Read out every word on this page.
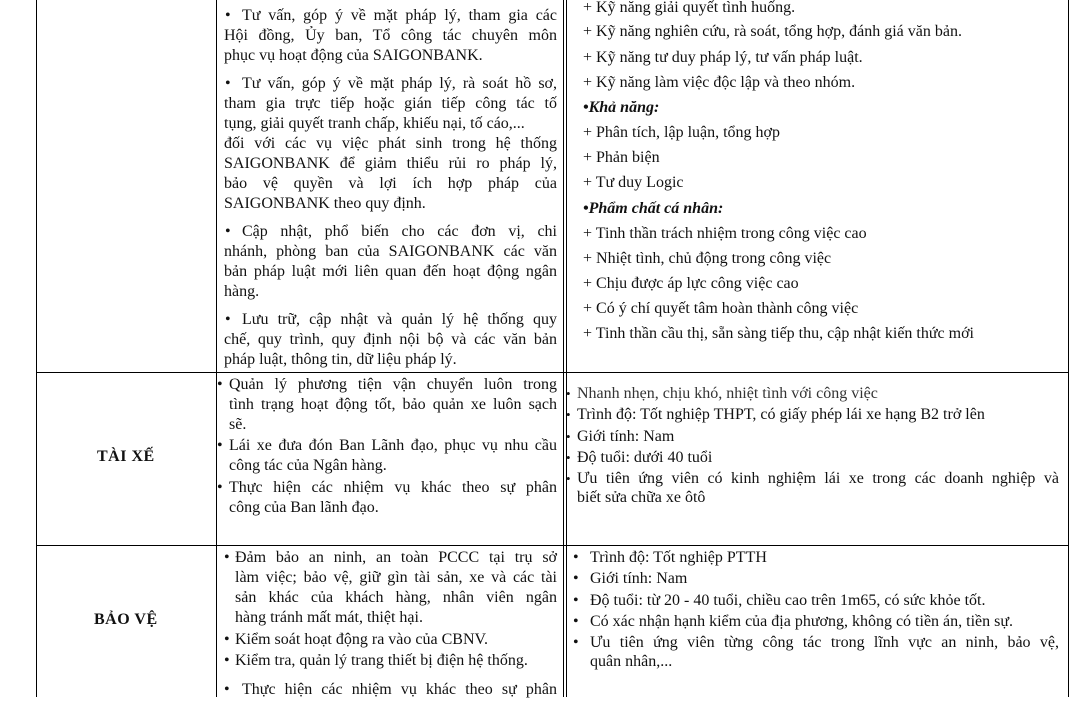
• Tư vấn, góp ý về mặt pháp lý, tham gia các
Hội đồng, Ủy ban, Tổ công tác chuyên môn
phục vụ hoạt động của SAIGONBANK.
• Tư vấn, góp ý về mặt pháp lý, rà soát hồ sơ,
tham gia trực tiếp hoặc gián tiếp công tác tố
tụng, giải quyết tranh chấp, khiếu nại, tố cáo,...
đối với các vụ việc phát sinh trong hệ thống
SAIGONBANK để giảm thiểu rủi ro pháp lý,
bảo vệ quyền và lợi ích hợp pháp của
SAIGONBANK theo quy định.
• Cập nhật, phổ biến cho các đơn vị, chi
nhánh, phòng ban của SAIGONBANK các văn
bản pháp luật mới liên quan đến hoạt động ngân
hàng.
• Lưu trữ, cập nhật và quản lý hệ thống quy
chế, quy trình, quy định nội bộ và các văn bản
pháp luật, thông tin, dữ liệu pháp lý.
+ Kỹ năng giải quyết tình huống.
+ Kỹ năng nghiên cứu, rà soát, tổng hợp, đánh giá văn bản.
+ Kỹ năng tư duy pháp lý, tư vấn pháp luật.
+ Kỹ năng làm việc độc lập và theo nhóm.
•Khả năng:
+ Phân tích, lập luận, tổng hợp
+ Phản biện
+ Tư duy Logic
•Phẩm chất cá nhân:
+ Tinh thần trách nhiệm trong công việc cao
+ Nhiệt tình, chủ động trong công việc
+ Chịu được áp lực công việc cao
+ Có ý chí quyết tâm hoàn thành công việc
+ Tinh thần cầu thị, sẵn sàng tiếp thu, cập nhật kiến thức mới
TÀI XẾ
• Quản lý phương tiện vận chuyển luôn trong
tình trạng hoạt động tốt, bảo quản xe luôn sạch
sẽ.
• Lái xe đưa đón Ban Lãnh đạo, phục vụ nhu cầu
công tác của Ngân hàng.
• Thực hiện các nhiệm vụ khác theo sự phân
công của Ban lãnh đạo.
• Nhanh nhẹn, chịu khó, nhiệt tình với công việc
• Trình độ: Tốt nghiệp THPT, có giấy phép lái xe hạng B2 trở lên
• Giới tính: Nam
• Độ tuổi: dưới 40 tuổi
• Ưu tiên ứng viên có kinh nghiệm lái xe trong các doanh nghiệp và
biết sửa chữa xe ôtô
BẢO VỆ
• Đảm bảo an ninh, an toàn PCCC tại trụ sở
làm việc; bảo vệ, giữ gìn tài sản, xe và các tài
sản khác của khách hàng, nhân viên ngân
hàng tránh mất mát, thiệt hại.
• Kiểm soát hoạt động ra vào của CBNV.
• Kiểm tra, quản lý trang thiết bị điện hệ thống.
• Thực hiện các nhiệm vụ khác theo sự phân
• Trình độ: Tốt nghiệp PTTH
• Giới tính: Nam
• Độ tuổi: từ 20 - 40 tuổi, chiều cao trên 1m65, có sức khỏe tốt.
• Có xác nhận hạnh kiểm của địa phương, không có tiền án, tiền sự.
• Ưu tiên ứng viên từng công tác trong lĩnh vực an ninh, bảo vệ,
quân nhân,...
